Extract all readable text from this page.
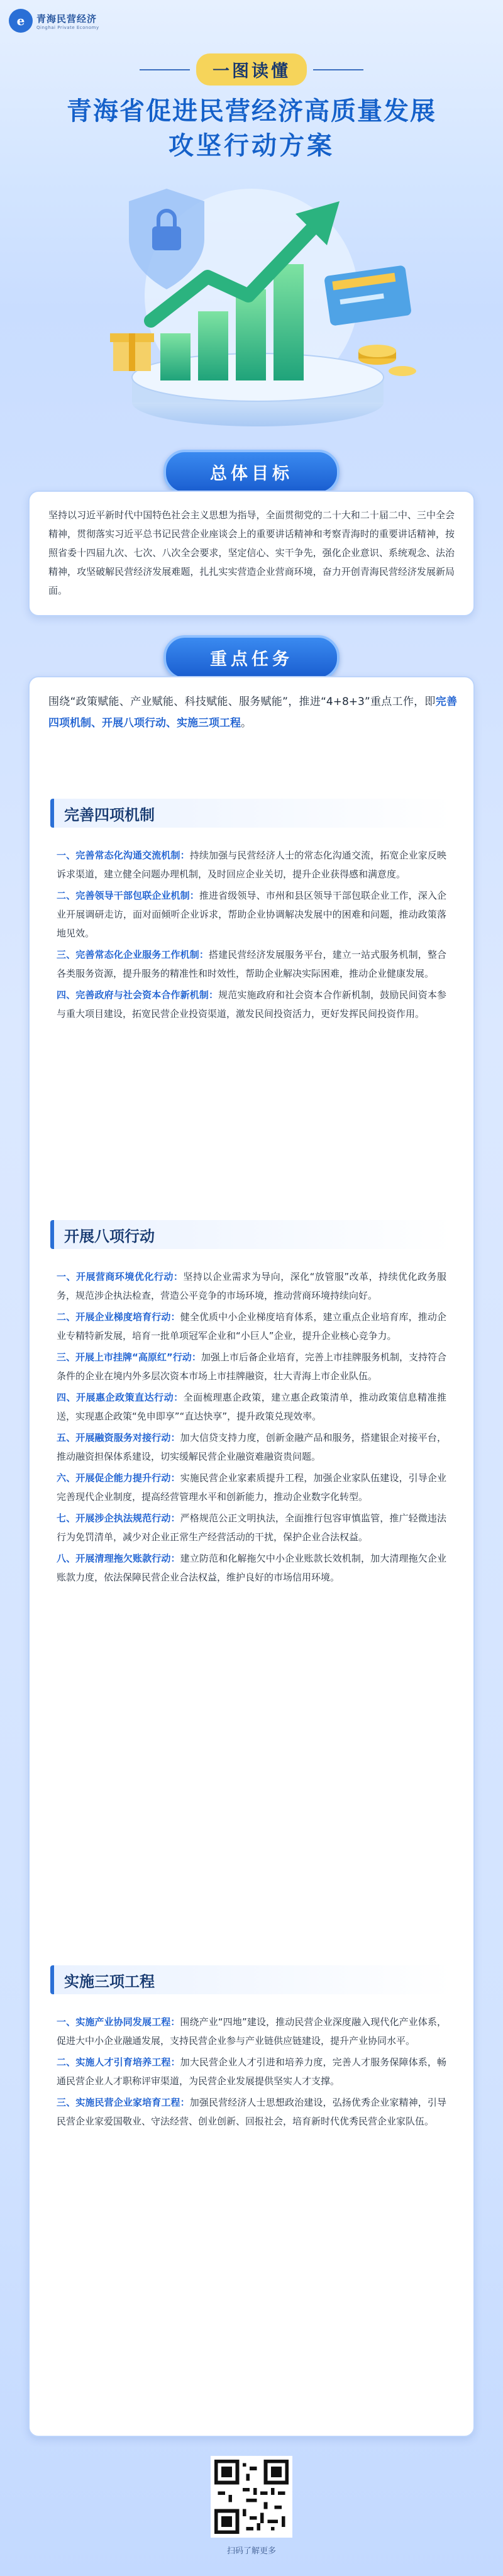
e	青海民营经济
Qinghai Private Economy
一图读懂
青海省促进民营经济高质量发展
攻坚行动方案
总体目标

坚持以习近平新时代中国特色社会主义思想为指导，全面贯彻党的二十大和二十届二中、三中全会精神，贯彻落实习近平总书记民营企业座谈会上的重要讲话精神和考察青海时的重要讲话精神，按照省委十四届九次、七次、八次全会要求，坚定信心、实干争先，强化企业意识、系统观念、法治精神，攻坚破解民营经济发展难题，扎扎实实营造企业营商环境，奋力开创青海民营经济发展新局面。

重点任务

围绕“政策赋能、产业赋能、科技赋能、服务赋能”，推进“4+8+3”重点工作，即完善四项机制、开展八项行动、实施三项工程。

完善四项机制
一、完善常态化沟通交流机制：持续加强与民营经济人士的常态化沟通交流，拓宽企业家反映诉求渠道，建立健全问题办理机制，及时回应企业关切，提升企业获得感和满意度。
二、完善领导干部包联企业机制：推进省级领导、市州和县区领导干部包联企业工作，深入企业开展调研走访，面对面倾听企业诉求，帮助企业协调解决发展中的困难和问题，推动政策落地见效。
三、完善常态化企业服务工作机制：搭建民营经济发展服务平台，建立一站式服务机制，整合各类服务资源，提升服务的精准性和时效性，帮助企业解决实际困难，推动企业健康发展。
四、完善政府与社会资本合作新机制：规范实施政府和社会资本合作新机制，鼓励民间资本参与重大项目建设，拓宽民营企业投资渠道，激发民间投资活力，更好发挥民间投资作用。
开展八项行动
一、开展营商环境优化行动：坚持以企业需求为导向，深化“放管服”改革，持续优化政务服务，规范涉企执法检查，营造公平竞争的市场环境，推动营商环境持续向好。
二、开展企业梯度培育行动：健全优质中小企业梯度培育体系，建立重点企业培育库，推动企业专精特新发展，培育一批单项冠军企业和“小巨人”企业，提升企业核心竞争力。
三、开展上市挂牌“高原红”行动：加强上市后备企业培育，完善上市挂牌服务机制，支持符合条件的企业在境内外多层次资本市场上市挂牌融资，壮大青海上市企业队伍。
四、开展惠企政策直达行动：全面梳理惠企政策，建立惠企政策清单，推动政策信息精准推送，实现惠企政策“免申即享”“直达快享”，提升政策兑现效率。
五、开展融资服务对接行动：加大信贷支持力度，创新金融产品和服务，搭建银企对接平台，推动融资担保体系建设，切实缓解民营企业融资难融资贵问题。
六、开展促企能力提升行动：实施民营企业家素质提升工程，加强企业家队伍建设，引导企业完善现代企业制度，提高经营管理水平和创新能力，推动企业数字化转型。
七、开展涉企执法规范行动：严格规范公正文明执法，全面推行包容审慎监管，推广轻微违法行为免罚清单，减少对企业正常生产经营活动的干扰，保护企业合法权益。
八、开展清理拖欠账款行动：建立防范和化解拖欠中小企业账款长效机制，加大清理拖欠企业账款力度，依法保障民营企业合法权益，维护良好的市场信用环境。
实施三项工程
一、实施产业协同发展工程：围绕产业“四地”建设，推动民营企业深度融入现代化产业体系，促进大中小企业融通发展，支持民营企业参与产业链供应链建设，提升产业协同水平。
二、实施人才引育培养工程：加大民营企业人才引进和培养力度，完善人才服务保障体系，畅通民营企业人才职称评审渠道，为民营企业发展提供坚实人才支撑。
三、实施民营企业家培育工程：加强民营经济人士思想政治建设，弘扬优秀企业家精神，引导民营企业家爱国敬业、守法经营、创业创新、回报社会，培育新时代优秀民营企业家队伍。
扫码了解更多
